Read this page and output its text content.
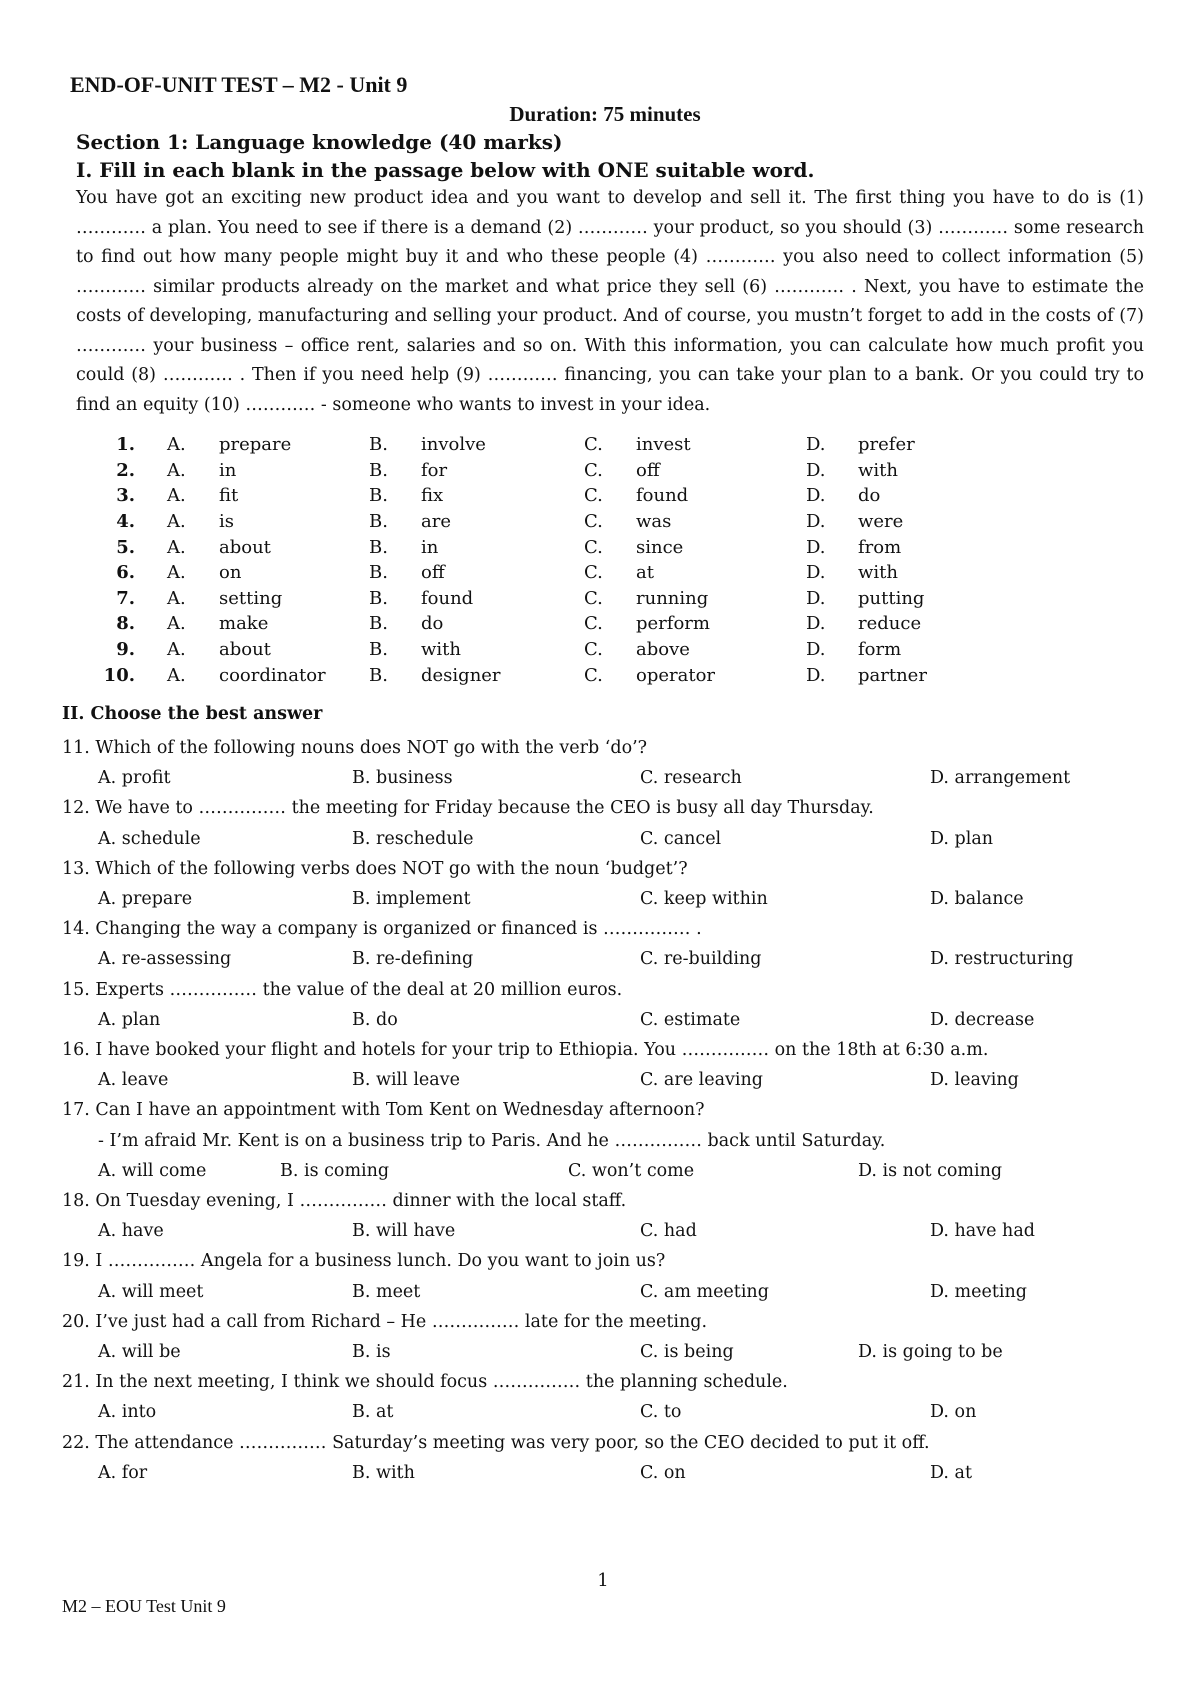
END-OF-UNIT TEST – M2 - Unit 9
Duration: 75 minutes
Section 1: Language knowledge (40 marks)
I. Fill in each blank in the passage below with ONE suitable word.
You have got an exciting new product idea and you want to develop and sell it. The first thing you have to do is (1) ………… a plan. You need to see if there is a demand (2) ………… your product, so you should (3) ………… some research to find out how many people might buy it and who these people (4) ………… you also need to collect information (5) ………… similar products already on the market and what price they sell (6) ………… . Next, you have to estimate the costs of developing, manufacturing and selling your product. And of course, you mustn’t forget to add in the costs of (7) ………… your business – office rent, salaries and so on. With this information, you can calculate how much profit you could (8) ………… . Then if you need help (9) ………… financing, you can take your plan to a bank. Or you could try to find an equity (10) ………… - someone who wants to invest in your idea.
1.	A.	prepare	B.	involve	C.	invest	D.	prefer
2.	A.	in	B.	for	C.	off	D.	with
3.	A.	fit	B.	fix	C.	found	D.	do
4.	A.	is	B.	are	C.	was	D.	were
5.	A.	about	B.	in	C.	since	D.	from
6.	A.	on	B.	off	C.	at	D.	with
7.	A.	setting	B.	found	C.	running	D.	putting
8.	A.	make	B.	do	C.	perform	D.	reduce
9.	A.	about	B.	with	C.	above	D.	form
10.	A.	coordinator	B.	designer	C.	operator	D.	partner
II. Choose the best answer
11. Which of the following nouns does NOT go with the verb ‘do’?
A. profit	B. business	C. research	D. arrangement
12. We have to …………… the meeting for Friday because the CEO is busy all day Thursday.
A. schedule	B. reschedule	C. cancel	D. plan
13. Which of the following verbs does NOT go with the noun ‘budget’?
A. prepare	B. implement	C. keep within	D. balance
14. Changing the way a company is organized or financed is …………… .
A. re-assessing	B. re-defining	C. re-building	D. restructuring
15. Experts …………… the value of the deal at 20 million euros.
A. plan	B. do	C. estimate	D. decrease
16. I have booked your flight and hotels for your trip to Ethiopia. You …………… on the 18th at 6:30 a.m.
A. leave	B. will leave	C. are leaving	D. leaving
17. Can I have an appointment with Tom Kent on Wednesday afternoon?
- I’m afraid Mr. Kent is on a business trip to Paris. And he …………… back until Saturday.
A. will come	B. is coming	C. won’t come	D. is not coming
18. On Tuesday evening, I …………… dinner with the local staff.
A. have	B. will have	C. had	D. have had
19. I …………… Angela for a business lunch. Do you want to join us?
A. will meet	B. meet	C. am meeting	D. meeting
20. I’ve just had a call from Richard – He …………… late for the meeting.
A. will be	B. is	C. is being	D. is going to be
21. In the next meeting, I think we should focus …………… the planning schedule.
A. into	B. at	C. to	D. on
22. The attendance …………… Saturday’s meeting was very poor, so the CEO decided to put it off.
A. for	B. with	C. on	D. at
1
M2 – EOU Test Unit 9
